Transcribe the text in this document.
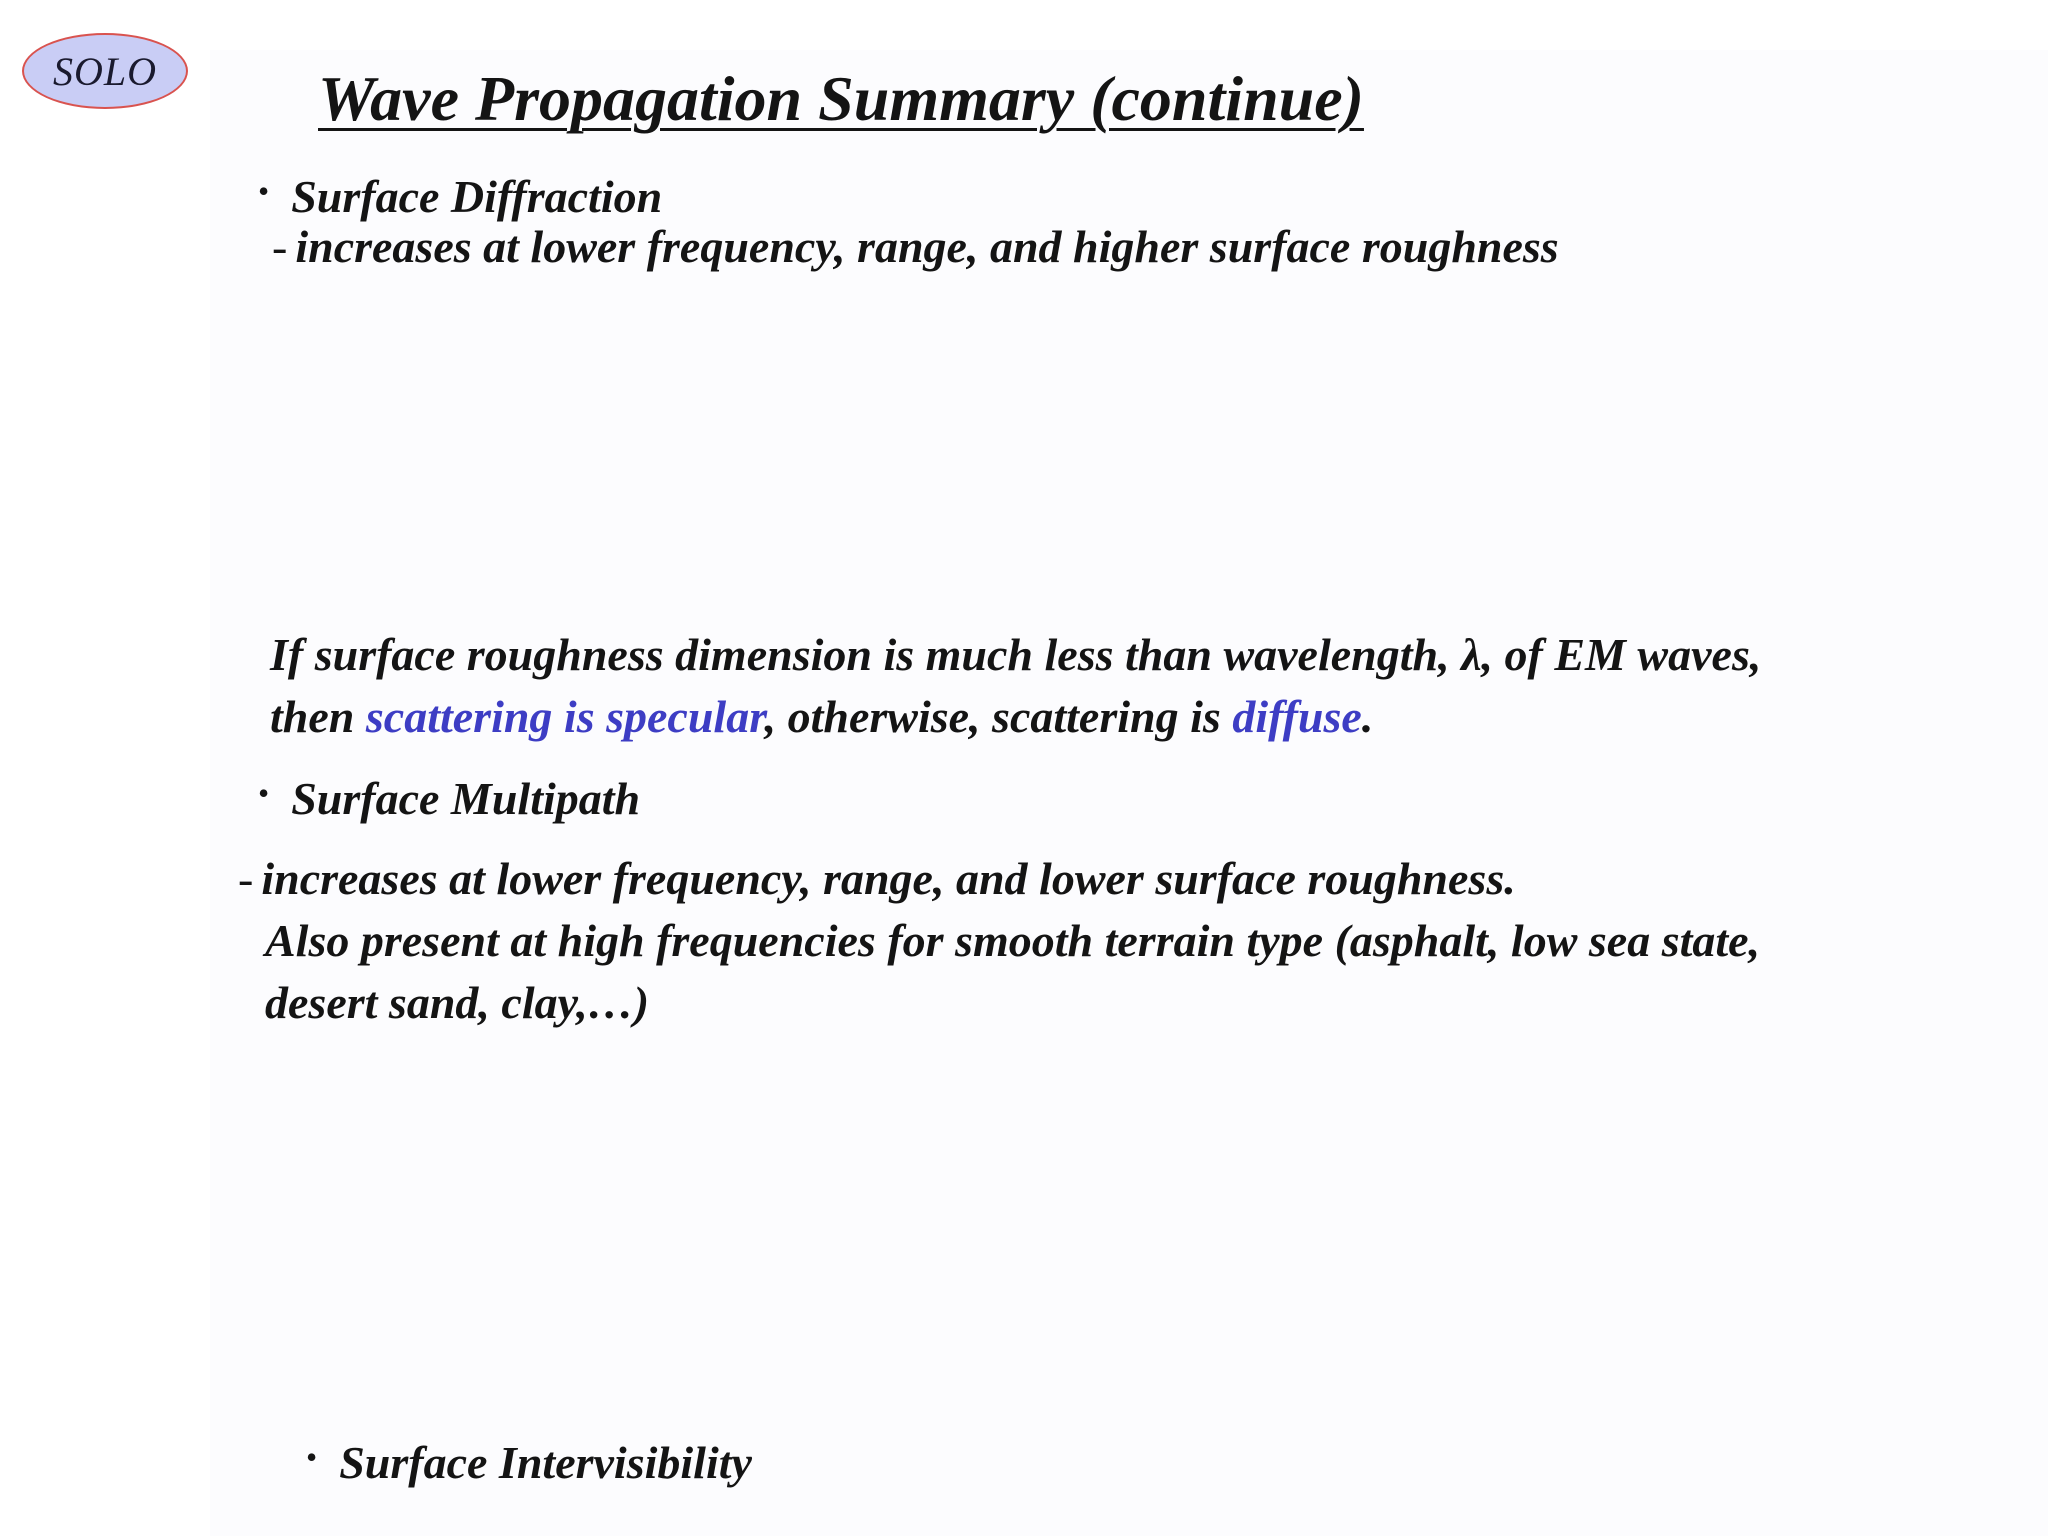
SOLO	Wave Propagation Summary (continue)
• Surface Diffraction
- increases at lower frequency, range, and higher surface roughness
If surface roughness dimension is much less than wavelength, λ, of EM waves,
then scattering is specular, otherwise, scattering is diffuse.
• Surface Multipath
- increases at lower frequency, range, and lower surface roughness.
Also present at high frequencies for smooth terrain type (asphalt, low sea state,
desert sand, clay,…)
• Surface Intervisibility
